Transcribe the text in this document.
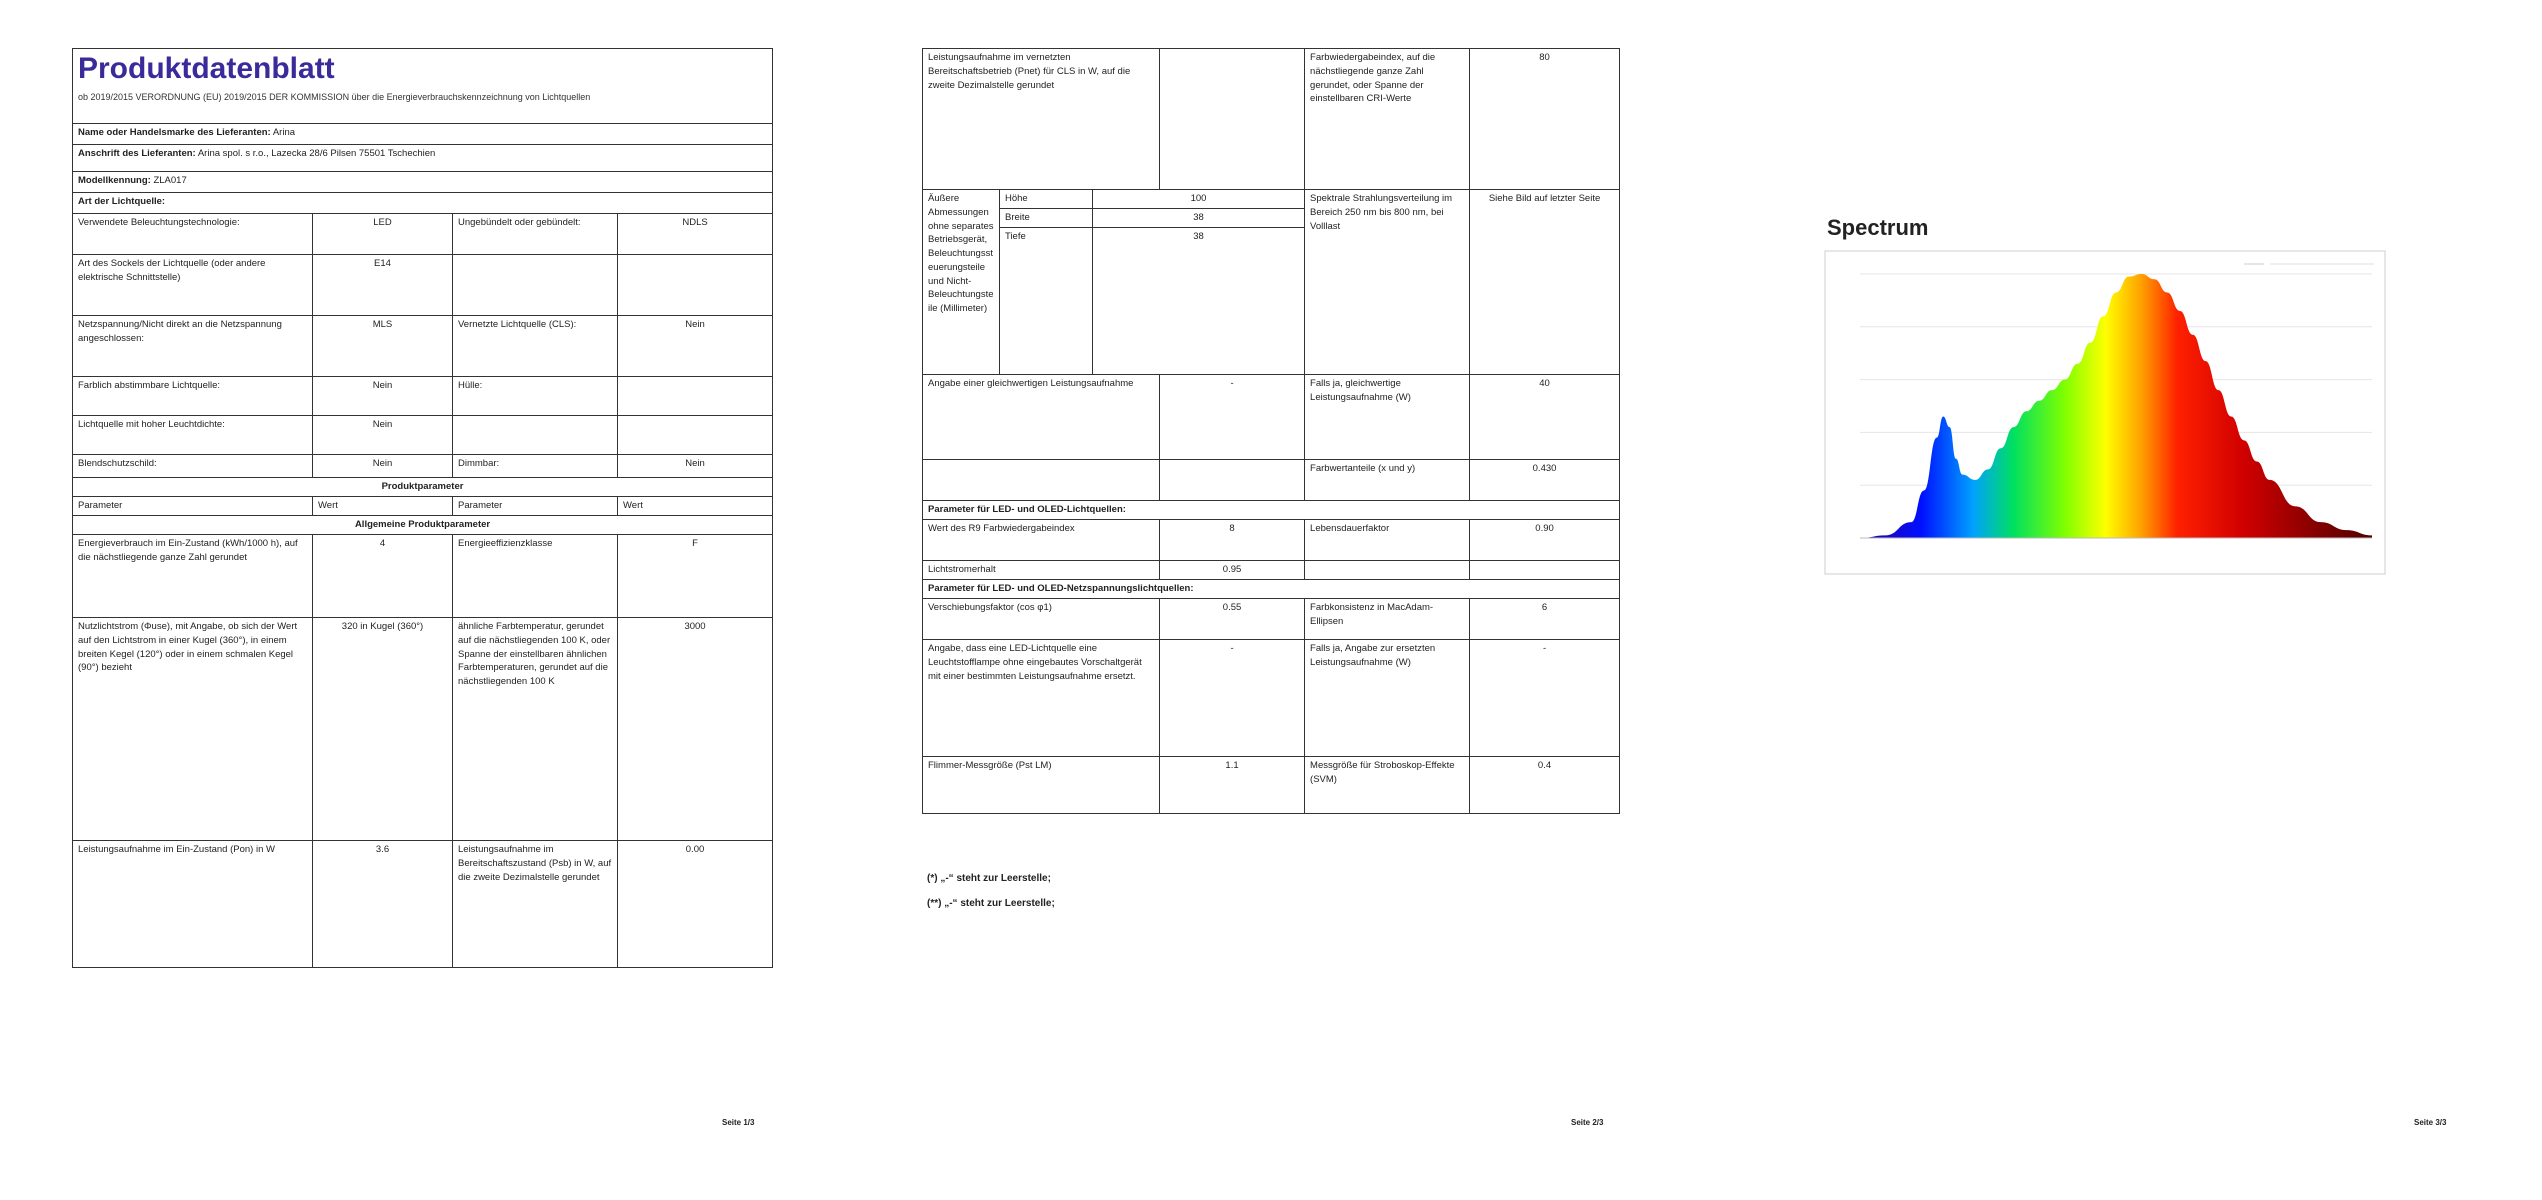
Produktdatenblatt			
ob 2019/2015 VERORDNUNG (EU) 2019/2015 DER KOMMISSION über die Energieverbrauchskennzeichnung von Lichtquellen			
Name oder Handelsmarke des Lieferanten: Arina			
Anschrift des Lieferanten: Arina spol. s r.o., Lazecka 28/6 Pilsen 75501 Tschechien			
Modellkennung: ZLA017			
Art der Lichtquelle:			
Verwendete Beleuchtungstechnologie:	LED	Ungebündelt oder gebündelt:	NDLS
Art des Sockels der Lichtquelle (oder andere elektrische Schnittstelle)	E14		
Netzspannung/Nicht direkt an die Netzspannung angeschlossen:	MLS	Vernetzte Lichtquelle (CLS):	Nein
Farblich abstimmbare Lichtquelle:	Nein	Hülle:	
Lichtquelle mit hoher Leuchtdichte:	Nein		
Blendschutzschild:	Nein	Dimmbar:	Nein
Produktparameter			
Parameter	Wert	Parameter	Wert
Allgemeine Produktparameter			
Energieverbrauch im Ein-Zustand (kWh/1000 h), auf die nächstliegende ganze Zahl gerundet	4	Energieeffizienzklasse	F
Nutzlichtstrom (Φuse), mit Angabe, ob sich der Wert auf den Lichtstrom in einer Kugel (360°), in einem breiten Kegel (120°) oder in einem schmalen Kegel (90°) bezieht	320 in Kugel (360°)	ähnliche Farbtemperatur, gerundet auf die nächstliegenden 100 K, oder Spanne der einstellbaren ähnlichen Farbtemperaturen, gerundet auf die nächstliegenden 100 K	3000
Leistungsaufnahme im Ein-Zustand (Pon) in W	3.6	Leistungsaufnahme im Bereitschaftszustand (Psb) in W, auf die zweite Dezimalstelle gerundet	0.00
Seite 1/3
Leistungsaufnahme im vernetzten Bereitschaftsbetrieb (Pnet) für CLS in W, auf die zweite Dezimalstelle gerundet				Farbwiedergabeindex, auf die nächstliegende ganze Zahl gerundet, oder Spanne der einstellbaren CRI-Werte	80
Äußere Abmessungen ohne separates Betriebsgerät, Beleuchtungssteuerungsteile und Nicht-Beleuchtungsteile (Millimeter)	Höhe	100		Spektrale Strahlungsverteilung im Bereich 250 nm bis 800 nm, bei Volllast	Siehe Bild auf letzter Seite
	Breite	38			
	Tiefe	38			
Angabe einer gleichwertigen Leistungsaufnahme			-	Falls ja, gleichwertige Leistungsaufnahme (W)	40
				Farbwertanteile (x und y)	0.430
Parameter für LED- und OLED-Lichtquellen:					
Wert des R9 Farbwiedergabeindex			8	Lebensdauerfaktor	0.90
Lichtstromerhalt			0.95		
Parameter für LED- und OLED-Netzspannungslichtquellen:					
Verschiebungsfaktor (cos φ1)			0.55	Farbkonsistenz in MacAdam-Ellipsen	6
Angabe, dass eine LED-Lichtquelle eine Leuchtstofflampe ohne eingebautes Vorschaltgerät mit einer bestimmten Leistungsaufnahme ersetzt.			-	Falls ja, Angabe zur ersetzten Leistungsaufnahme (W)	-
Flimmer-Messgröße (Pst LM)			1.1	Messgröße für Stroboskop-Effekte (SVM)	0.4
(*) „-“ steht zur Leerstelle;
(**) „-“ steht zur Leerstelle;
Seite 2/3
Spectrum
Seite 3/3
